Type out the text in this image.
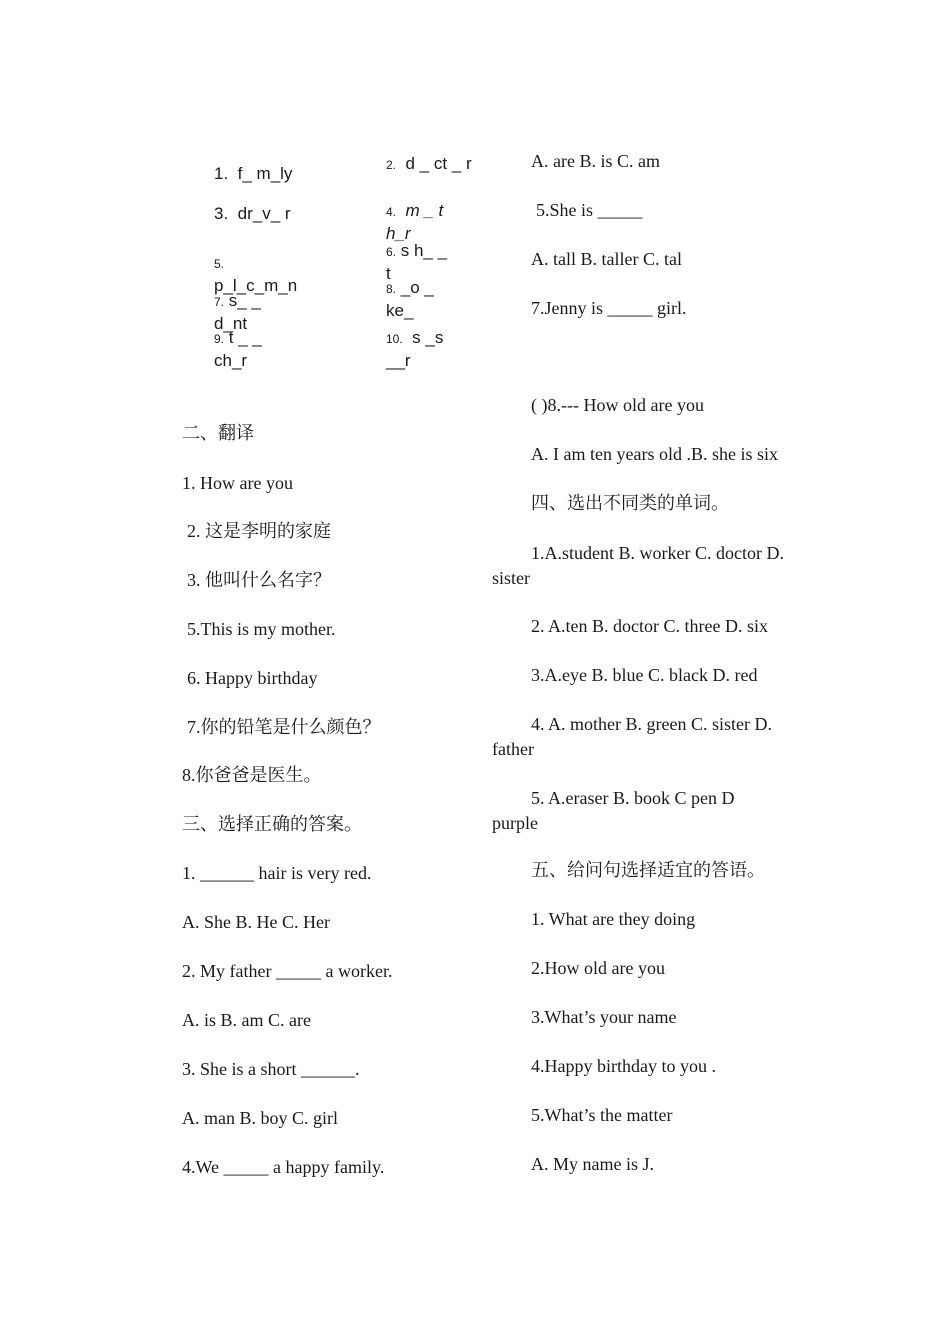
1. f_ m_ly	2. d _ ct _ r
3. dr_v_ r	4. m _ th_r
5.
p_l_c_m_n
6. s h_ _t
7. s_ _d_nt
8. _o _ke_
9. t _ _ch_r
10. s _s __r
二、翻译
1. How are you
2. 这是李明的家庭
3. 他叫什么名字？
5.This is my mother.
6. Happy birthday
7.你的铅笔是什么颜色？
8.你爸爸是医生。
三、选择正确的答案。
1. ______ hair is very red.
A. She B. He C. Her
2. My father _____ a worker.
A. is B. am C. are
3. She is a short ______.
A. man B. boy C. girl
4.We _____ a happy family.
A. are B. is C. am
5.She is _____
A. tall B. taller C. tal
7.Jenny is _____ girl.
( )8.--- How old are you
A. I am ten years old .B. she is six
四、选出不同类的单词。
1.A.student B. worker C. doctor D. sister
2. A.ten B. doctor C. three D. six
3.A.eye B. blue C. black D. red
4. A. mother B. green C. sister D. father
5. A.eraser B. book C pen D purple
五、给问句选择适宜的答语。
1. What are they doing
2.How old are you
3.What’s your name
4.Happy birthday to you .
5.What’s the matter
A. My name is J.
